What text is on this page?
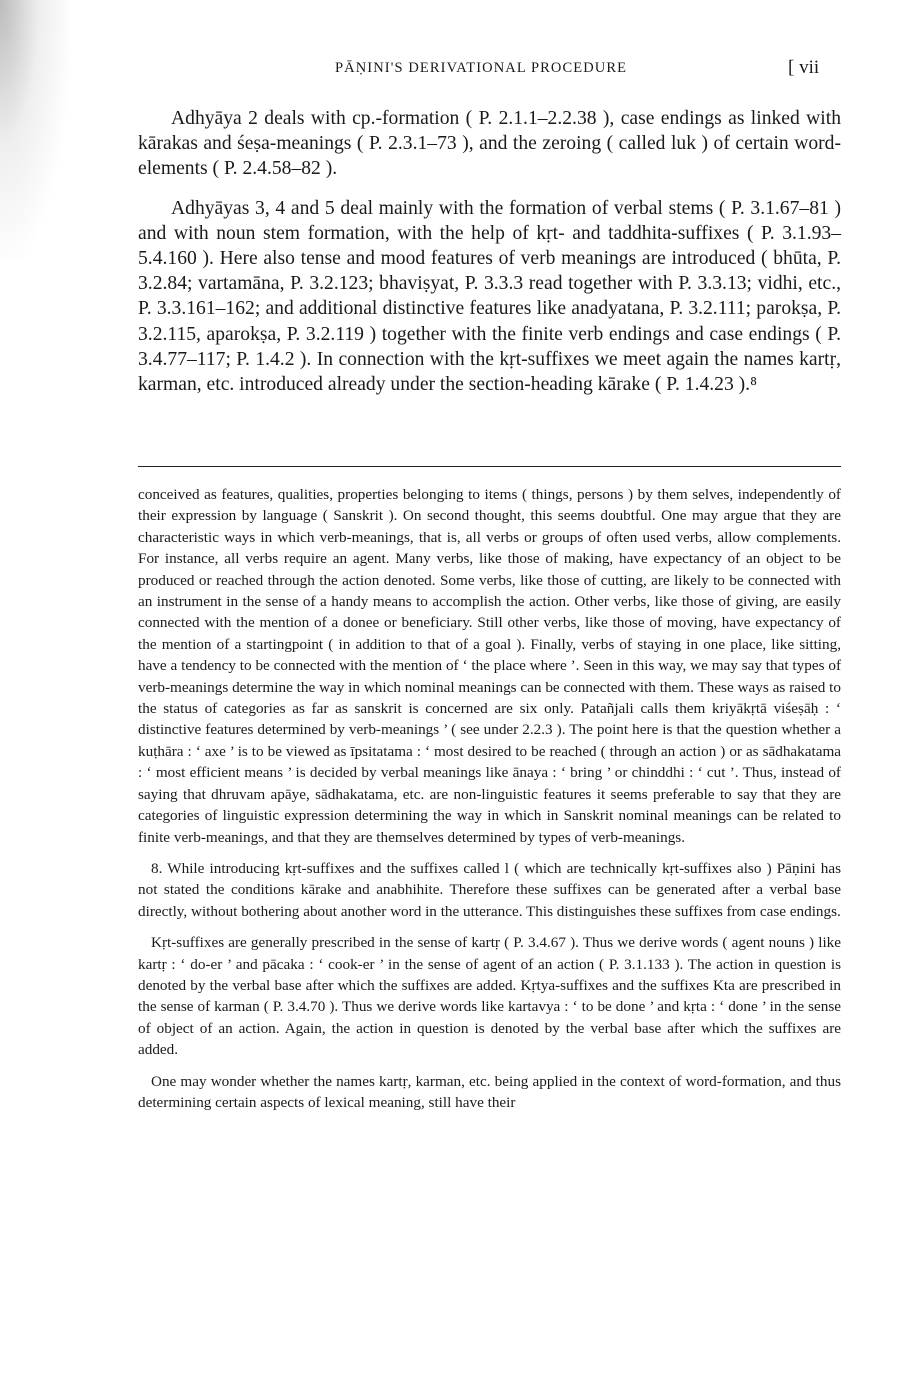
PĀṆINI'S DERIVATIONAL PROCEDURE	[ vii

Adhyāya 2 deals with cp.-formation ( P. 2.1.1–2.2.38 ), case endings as linked with kārakas and śeṣa-meanings ( P. 2.3.1–73 ), and the zeroing ( called luk ) of certain word-elements ( P. 2.4.58–82 ).

Adhyāyas 3, 4 and 5 deal mainly with the formation of verbal stems ( P. 3.1.67–81 ) and with noun stem formation, with the help of kṛt- and taddhita-suffixes ( P. 3.1.93–5.4.160 ). Here also tense and mood features of verb meanings are introduced ( bhūta, P. 3.2.84; vartamāna, P. 3.2.123; bhaviṣyat, P. 3.3.3 read together with P. 3.3.13; vidhi, etc., P. 3.3.161–162; and additional distinctive features like anadyatana, P. 3.2.111; parokṣa, P. 3.2.115, aparokṣa, P. 3.2.119 ) together with the finite verb endings and case endings ( P. 3.4.77–117; P. 1.4.2 ). In connection with the kṛt-suffixes we meet again the names kartṛ, karman, etc. introduced already under the section-heading kārake ( P. 1.4.23 ).⁸

conceived as features, qualities, properties belonging to items ( things, persons ) by them selves, independently of their expression by language ( Sanskrit ). On second thought, this seems doubtful. One may argue that they are characteristic ways in which verb-meanings, that is, all verbs or groups of often used verbs, allow complements. For instance, all verbs require an agent. Many verbs, like those of making, have expectancy of an object to be produced or reached through the action denoted. Some verbs, like those of cutting, are likely to be connected with an instrument in the sense of a handy means to accomplish the action. Other verbs, like those of giving, are easily connected with the mention of a donee or beneficiary. Still other verbs, like those of moving, have expectancy of the mention of a startingpoint ( in addition to that of a goal ). Finally, verbs of staying in one place, like sitting, have a tendency to be connected with the mention of ‘ the place where ’. Seen in this way, we may say that types of verb-meanings determine the way in which nominal meanings can be connected with them. These ways as raised to the status of categories as far as sanskrit is concerned are six only. Patañjali calls them kriyākṛtā viśeṣāḥ : ‘ distinctive features determined by verb-meanings ’ ( see under 2.2.3 ). The point here is that the question whether a kuṭhāra : ‘ axe ’ is to be viewed as īpsitatama : ‘ most desired to be reached ( through an action ) or as sādhakatama : ‘ most efficient means ’ is decided by verbal meanings like ānaya : ‘ bring ’ or chinddhi : ‘ cut ’. Thus, instead of saying that dhruvam apāye, sādhakatama, etc. are non-linguistic features it seems preferable to say that they are categories of linguistic expression determining the way in which in Sanskrit nominal meanings can be related to finite verb-meanings, and that they are themselves determined by types of verb-meanings.

8. While introducing kṛt-suffixes and the suffixes called l ( which are technically kṛt-suffixes also ) Pāṇini has not stated the conditions kārake and anabhihite. Therefore these suffixes can be generated after a verbal base directly, without bothering about another word in the utterance. This distinguishes these suffixes from case endings.

Kṛt-suffixes are generally prescribed in the sense of kartṛ ( P. 3.4.67 ). Thus we derive words ( agent nouns ) like kartṛ : ‘ do-er ’ and pācaka : ‘ cook-er ’ in the sense of agent of an action ( P. 3.1.133 ). The action in question is denoted by the verbal base after which the suffixes are added. Kṛtya-suffixes and the suffixes Kta are prescribed in the sense of karman ( P. 3.4.70 ). Thus we derive words like kartavya : ‘ to be done ’ and kṛta : ‘ done ’ in the sense of object of an action. Again, the action in question is denoted by the verbal base after which the suffixes are added.

One may wonder whether the names kartṛ, karman, etc. being applied in the context of word-formation, and thus determining certain aspects of lexical meaning, still have their
